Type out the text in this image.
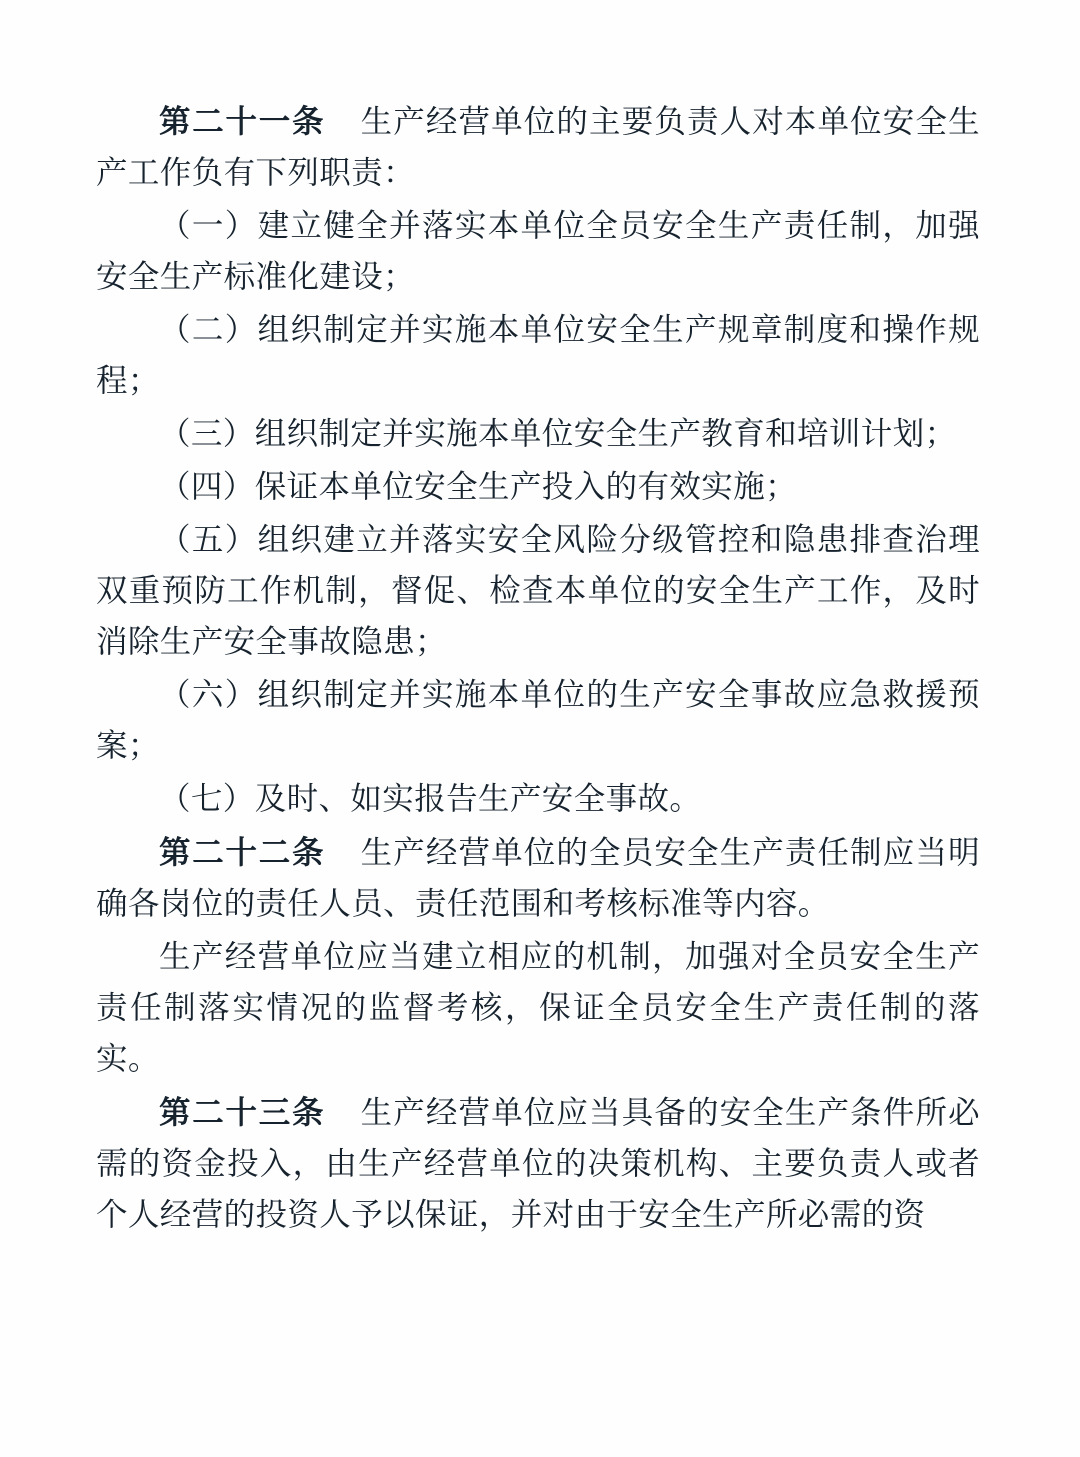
第二十一条 生产经营单位的主要负责人对本单位安全生产工作负有下列职责：

（一）建立健全并落实本单位全员安全生产责任制，加强安全生产标准化建设；

（二）组织制定并实施本单位安全生产规章制度和操作规程；

（三）组织制定并实施本单位安全生产教育和培训计划；

（四）保证本单位安全生产投入的有效实施；

（五）组织建立并落实安全风险分级管控和隐患排查治理双重预防工作机制，督促、检查本单位的安全生产工作，及时消除生产安全事故隐患；

（六）组织制定并实施本单位的生产安全事故应急救援预案；

（七）及时、如实报告生产安全事故。

第二十二条 生产经营单位的全员安全生产责任制应当明确各岗位的责任人员、责任范围和考核标准等内容。

生产经营单位应当建立相应的机制，加强对全员安全生产责任制落实情况的监督考核，保证全员安全生产责任制的落实。

第二十三条 生产经营单位应当具备的安全生产条件所必需的资金投入，由生产经营单位的决策机构、主要负责人或者个人经营的投资人予以保证，并对由于安全生产所必需的资
